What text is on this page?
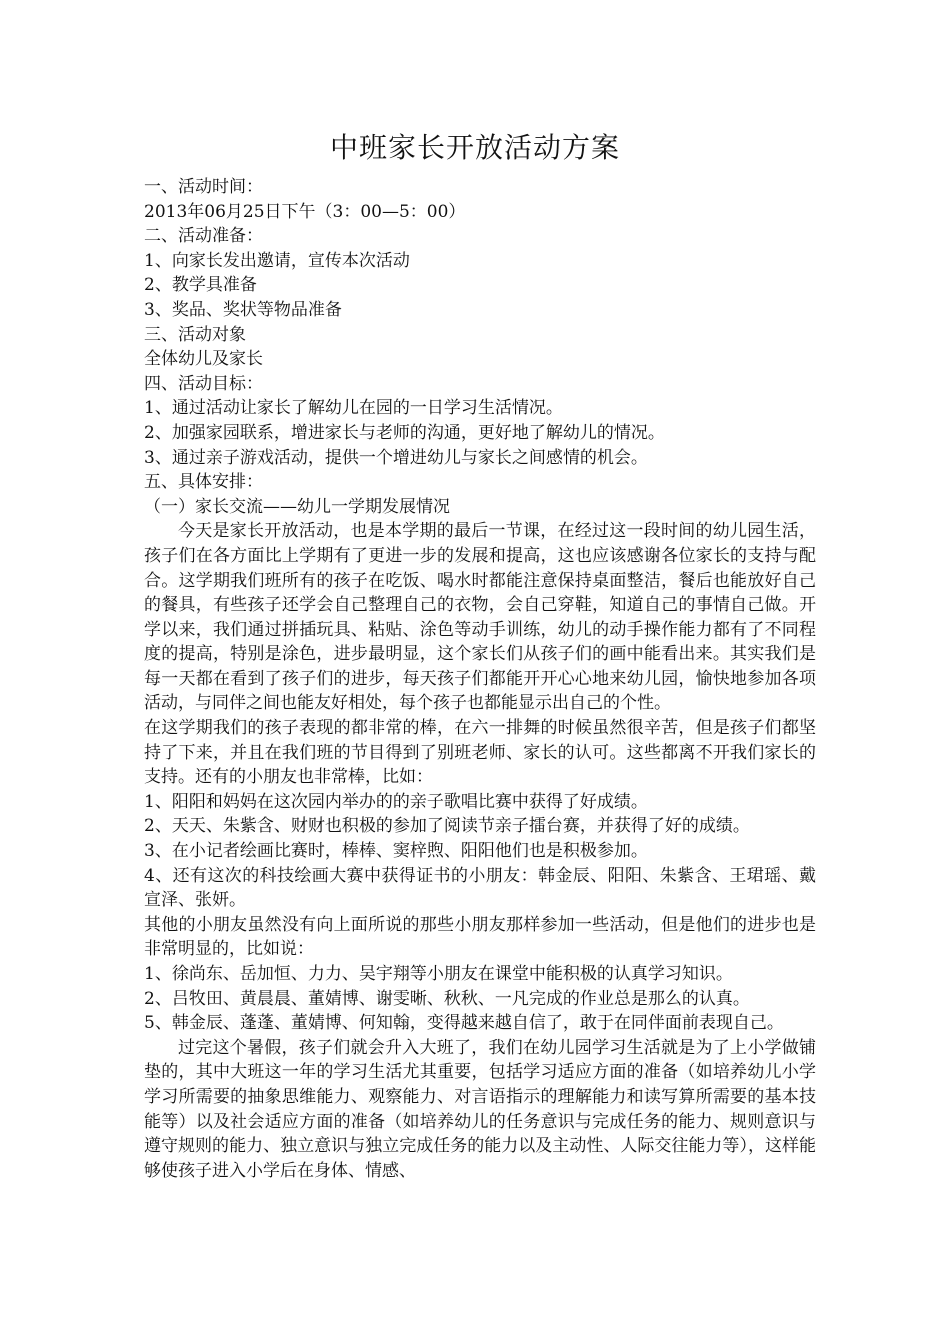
中班家长开放活动方案

一、活动时间：

2013年06月25日下午（3：00—5：00）

二、活动准备：

1、向家长发出邀请，宣传本次活动

2、教学具准备

3、奖品、奖状等物品准备

三、活动对象

全体幼儿及家长

四、活动目标：

1、通过活动让家长了解幼儿在园的一日学习生活情况。

2、加强家园联系，增进家长与老师的沟通，更好地了解幼儿的情况。

3、通过亲子游戏活动，提供一个增进幼儿与家长之间感情的机会。

五、具体安排：

（一）家长交流——幼儿一学期发展情况

今天是家长开放活动，也是本学期的最后一节课，在经过这一段时间的幼儿园生活，孩子们在各方面比上学期有了更进一步的发展和提高，这也应该感谢各位家长的支持与配合。这学期我们班所有的孩子在吃饭、喝水时都能注意保持桌面整洁，餐后也能放好自己的餐具，有些孩子还学会自己整理自己的衣物，会自己穿鞋，知道自己的事情自己做。开学以来，我们通过拼插玩具、粘贴、涂色等动手训练，幼儿的动手操作能力都有了不同程度的提高，特别是涂色，进步最明显，这个家长们从孩子们的画中能看出来。其实我们是每一天都在看到了孩子们的进步，每天孩子们都能开开心心地来幼儿园，愉快地参加各项活动，与同伴之间也能友好相处，每个孩子也都能显示出自己的个性。

在这学期我们的孩子表现的都非常的棒，在六一排舞的时候虽然很辛苦，但是孩子们都坚持了下来，并且在我们班的节目得到了别班老师、家长的认可。这些都离不开我们家长的支持。还有的小朋友也非常棒，比如：

1、阳阳和妈妈在这次园内举办的的亲子歌唱比赛中获得了好成绩。

2、天天、朱紫含、财财也积极的参加了阅读节亲子擂台赛，并获得了好的成绩。

3、在小记者绘画比赛时，棒棒、窦梓煦、阳阳他们也是积极参加。

4、还有这次的科技绘画大赛中获得证书的小朋友：韩金辰、阳阳、朱紫含、王珺瑶、戴宣泽、张妍。

其他的小朋友虽然没有向上面所说的那些小朋友那样参加一些活动，但是他们的进步也是非常明显的，比如说：

1、徐尚东、岳加恒、力力、吴宇翔等小朋友在课堂中能积极的认真学习知识。

2、吕牧田、黄晨晨、董婧博、谢雯晰、秋秋、一凡完成的作业总是那么的认真。

5、韩金辰、蓬蓬、董婧博、何知翰，变得越来越自信了，敢于在同伴面前表现自己。

过完这个暑假，孩子们就会升入大班了，我们在幼儿园学习生活就是为了上小学做铺垫的，其中大班这一年的学习生活尤其重要，包括学习适应方面的准备（如培养幼儿小学学习所需要的抽象思维能力、观察能力、对言语指示的理解能力和读写算所需要的基本技能等）以及社会适应方面的准备（如培养幼儿的任务意识与完成任务的能力、规则意识与遵守规则的能力、独立意识与独立完成任务的能力以及主动性、人际交往能力等），这样能够使孩子进入小学后在身体、情感、
